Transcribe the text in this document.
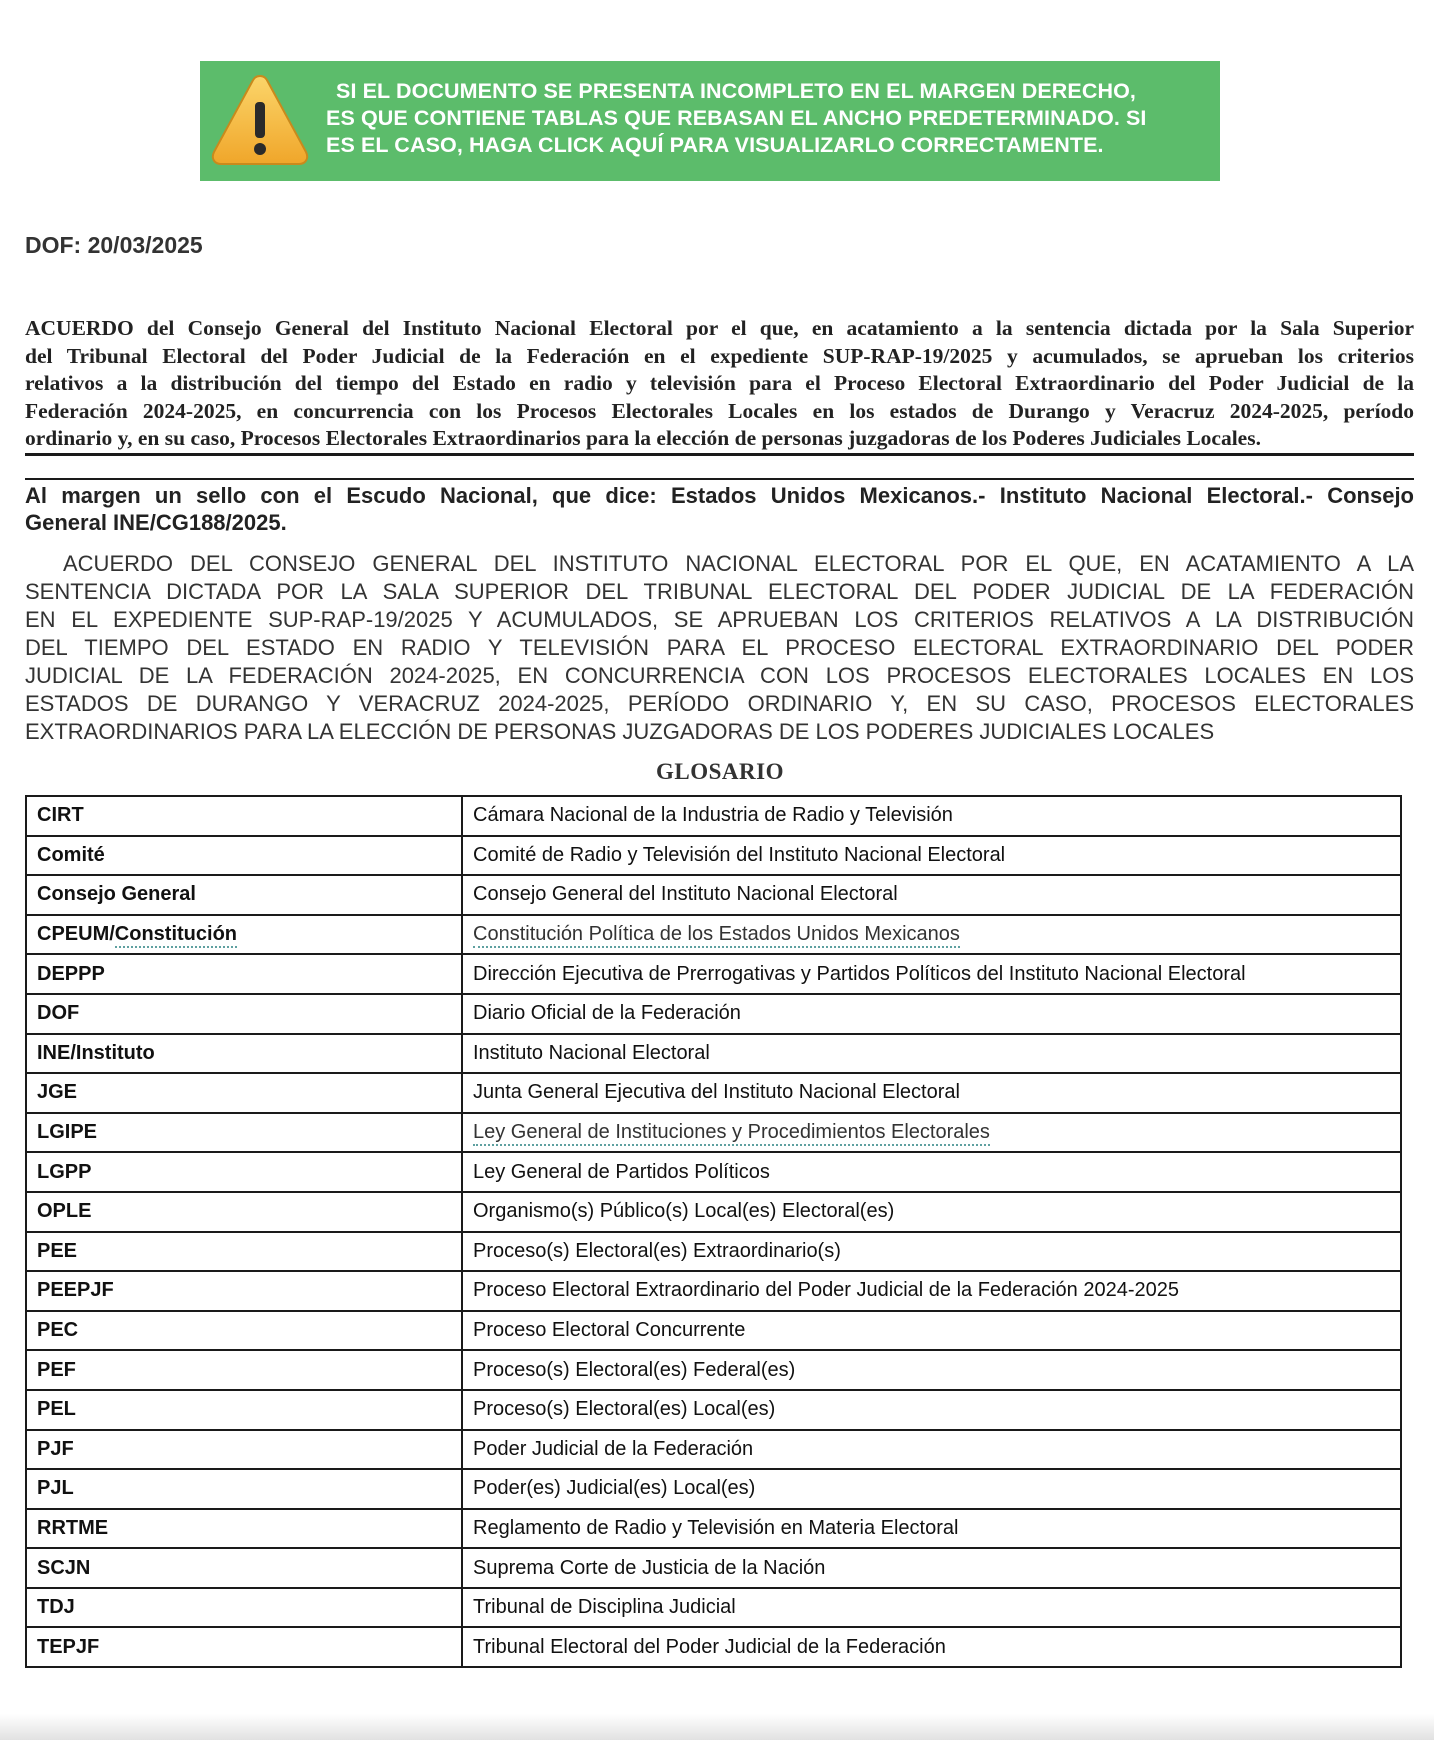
SI EL DOCUMENTO SE PRESENTA INCOMPLETO EN EL MARGEN DERECHO,
ES QUE CONTIENE TABLAS QUE REBASAN EL ANCHO PREDETERMINADO. SI
ES EL CASO, HAGA CLICK AQUÍ PARA VISUALIZARLO CORRECTAMENTE.
DOF: 20/03/2025
ACUERDO del Consejo General del Instituto Nacional Electoral por el que, en acatamiento a la sentencia dictada por la Sala Superior
del Tribunal Electoral del Poder Judicial de la Federación en el expediente SUP-RAP-19/2025 y acumulados, se aprueban los criterios
relativos a la distribución del tiempo del Estado en radio y televisión para el Proceso Electoral Extraordinario del Poder Judicial de la
Federación 2024-2025, en concurrencia con los Procesos Electorales Locales en los estados de Durango y Veracruz 2024-2025, período
ordinario y, en su caso, Procesos Electorales Extraordinarios para la elección de personas juzgadoras de los Poderes Judiciales Locales.
Al margen un sello con el Escudo Nacional, que dice: Estados Unidos Mexicanos.- Instituto Nacional Electoral.- Consejo
General INE/CG188/2025.
ACUERDO DEL CONSEJO GENERAL DEL INSTITUTO NACIONAL ELECTORAL POR EL QUE, EN ACATAMIENTO A LA
SENTENCIA DICTADA POR LA SALA SUPERIOR DEL TRIBUNAL ELECTORAL DEL PODER JUDICIAL DE LA FEDERACIÓN
EN EL EXPEDIENTE SUP-RAP-19/2025 Y ACUMULADOS, SE APRUEBAN LOS CRITERIOS RELATIVOS A LA DISTRIBUCIÓN
DEL TIEMPO DEL ESTADO EN RADIO Y TELEVISIÓN PARA EL PROCESO ELECTORAL EXTRAORDINARIO DEL PODER
JUDICIAL DE LA FEDERACIÓN 2024-2025, EN CONCURRENCIA CON LOS PROCESOS ELECTORALES LOCALES EN LOS
ESTADOS DE DURANGO Y VERACRUZ 2024-2025, PERÍODO ORDINARIO Y, EN SU CASO, PROCESOS ELECTORALES
EXTRAORDINARIOS PARA LA ELECCIÓN DE PERSONAS JUZGADORAS DE LOS PODERES JUDICIALES LOCALES
GLOSARIO
CIRT	Cámara Nacional de la Industria de Radio y Televisión
Comité	Comité de Radio y Televisión del Instituto Nacional Electoral
Consejo General	Consejo General del Instituto Nacional Electoral
CPEUM/Constitución	Constitución Política de los Estados Unidos Mexicanos
DEPPP	Dirección Ejecutiva de Prerrogativas y Partidos Políticos del Instituto Nacional Electoral
DOF	Diario Oficial de la Federación
INE/Instituto	Instituto Nacional Electoral
JGE	Junta General Ejecutiva del Instituto Nacional Electoral
LGIPE	Ley General de Instituciones y Procedimientos Electorales
LGPP	Ley General de Partidos Políticos
OPLE	Organismo(s) Público(s) Local(es) Electoral(es)
PEE	Proceso(s) Electoral(es) Extraordinario(s)
PEEPJF	Proceso Electoral Extraordinario del Poder Judicial de la Federación 2024-2025
PEC	Proceso Electoral Concurrente
PEF	Proceso(s) Electoral(es) Federal(es)
PEL	Proceso(s) Electoral(es) Local(es)
PJF	Poder Judicial de la Federación
PJL	Poder(es) Judicial(es) Local(es)
RRTME	Reglamento de Radio y Televisión en Materia Electoral
SCJN	Suprema Corte de Justicia de la Nación
TDJ	Tribunal de Disciplina Judicial
TEPJF	Tribunal Electoral del Poder Judicial de la Federación
